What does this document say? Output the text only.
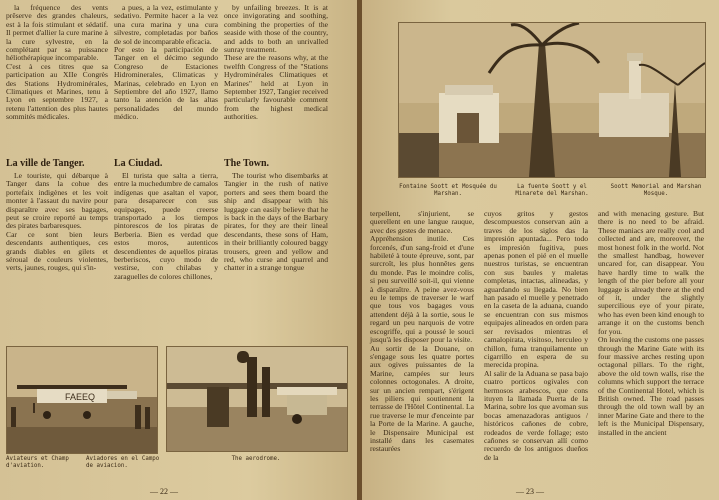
la fréquence des vents prêserve des grandes chaleurs, est à la fois stimulant et sédatif. Il permet d'allier la cure marine à la cure sylvestre, en la complétant par sa puissance héliothérapique incomparable.
C'est à ces titres que sa participation au XIIe Congrès des Stations Hydrominérales, Climatiques et Marines, tenu à Lyon en septembre 1927, a retenu l'attention des plus hautes sommités médicales.

a pues, a la vez, estimulante y sedativo. Permite hacer a la vez una cura marina y una cura silvestre, completadas por baños de sol de incomparable eficacia.
Por esto la participación de Tanger en el décimo segundo Congreso de Estaciones Hidrominerales, Climaticas y Marinas, celebrado en Lyon en Septiembre del año 1927, llamo tanto la atención de las altas personalidades del mundo médico.

by unfailing breezes. It is at once invigorating and soothing, combining the properties of the seaside with those of the country, and adds to both an unrivalled sunray treatment.
These are the reasons why, at the twelfth Congress of the "Stations Hydrominérales Climatiques et Marines" held at Lyon in September 1927, Tangier received particularly favourable comment from the highest medical authorities.

La ville de Tanger.	La Ciudad.	The Town.

Le touriste, qui débarque à Tanger dans la cohue des portefaix indigènes et les voit monter à l'assaut du navire pour disparaître avec ses bagages, peut se croire reporté au temps des pirates barbaresques.
Car ce sont bien leurs descendants authentiques, ces grands diables en gilets et séroual de couleurs violentes, verts, jaunes, rouges, qui s'in-

El turista que salta a tierra, entre la muchedumbre de camalos indígenas que asaltan el vapor, para desaparecer con sus equipages, puede creerse transportado a los tiempos pintorescos de los piratas de Berberia. Bien es verdad que estos moros, autenticos descendientes de aquellos piratas berberiscos, cuyo modo de vestirse, con chilabas y zaraguelles de colores chillones,

The tourist who disembarks at Tangier in the rush of native porters and sees them board the ship and disappear with his luggage can easily believe that he is back in the days of the Barbary pirates, for they are their lineal descendants, these sons of Ham, in their brilliantly coloured baggy trousers, green and yellow and red, who curse and quarrel and chatter in a strange tongue

FAEEQ
Aviateurs et Champ d'aviation.
Aviadores en el Campo de aviacion.
The aerodrome.
— 22 —
Fontaine Soott et Mosquée du Marshan.
La fuente Soott y el Minarete del Marshan.
Soott Memorial and Marshan Mosque.

terpellent, s'injurient, se querellent en une langue rauque, avec des gestes de menace.
Appréhension inutile. Ces forcenés, d'un sang-froid et d'une habileté à toute épreuve, sont, par surcroît, les plus honnêtes gens du monde. Pas le moindre colis, si peu surveillé soit-il, qui vienne à disparaître. A peine avez-vous eu le temps de traverser le warf que tous vos bagages vous attendent déjà à la sortie, sous le regard un peu narquois de votre escogriffe, qui a poussé le souci jusqu'à les disposer pour la visite.
Au sortir de la Douane, on s'engage sous les quatre portes aux ogives puissantes de la Marine, campées sur leurs colonnes octogonales. A droite, sur un ancien rempart, s'érigent les piliers qui soutiennent la terrasse de l'Hôtel Continental. La rue traverse le mur d'enceinte par la Porte de la Marine. A gauche, le Dispensaire Municipal est installé dans les casemates restaurées

cuyos gritos y gestos descompuestos conservan aún a traves de los siglos das la impresión apuntada... Pero todo es impresión fugitiva, pues apenas ponen el pié en el muelle nuestros turistas, se encuentran con sus baules y maletas completas, intactas, alineadas, y aguardando su llegada. No bien han pasado el muelle y penetrado en la caseta de la aduana, cuando se encuentran con sus mismos equipajes alineados en orden para ser revisados mientras el camalopirata, visitoso, herculeo y chillon, fuma tranquilamente un cigarrillo en espera de su merecida propina.
Al salir de la Aduana se pasa bajo cuatro porticos ogivales con hermosos arabescos, que cons ituyen la llamada Puerta de la Marina, sobre los que avoman sus bocas amenazadoras antiguos / históricos cañones de cobre, rodeados de verde follage; esto cañones se conservan allí como recuerdo de los antiguos dueños de la

and with menacing gesture. But there is no need to be afraid. These maniacs are really cool and collected and are, moreover, the most honest folk in the world. Not the smallest handbag, however uncared for, can disappear. You have hardly time to walk the length of the pier before all your luggage is already there at the end of it, under the slightly supercilious eye of your pirate, who has even been kind enough to arrange it on the customs bench for you.
On leaving the customs one passes through the Marine Gate with its four massive arches resting upon octagonal pillars. To the right, above the old town walls, rise the columns which support the terrace of the Continental Hotel, which is British owned. The road passes through the old town wall by an inner Marine Gate and there to the left is the Municipal Dispensary, installed in the ancient

— 23 —
